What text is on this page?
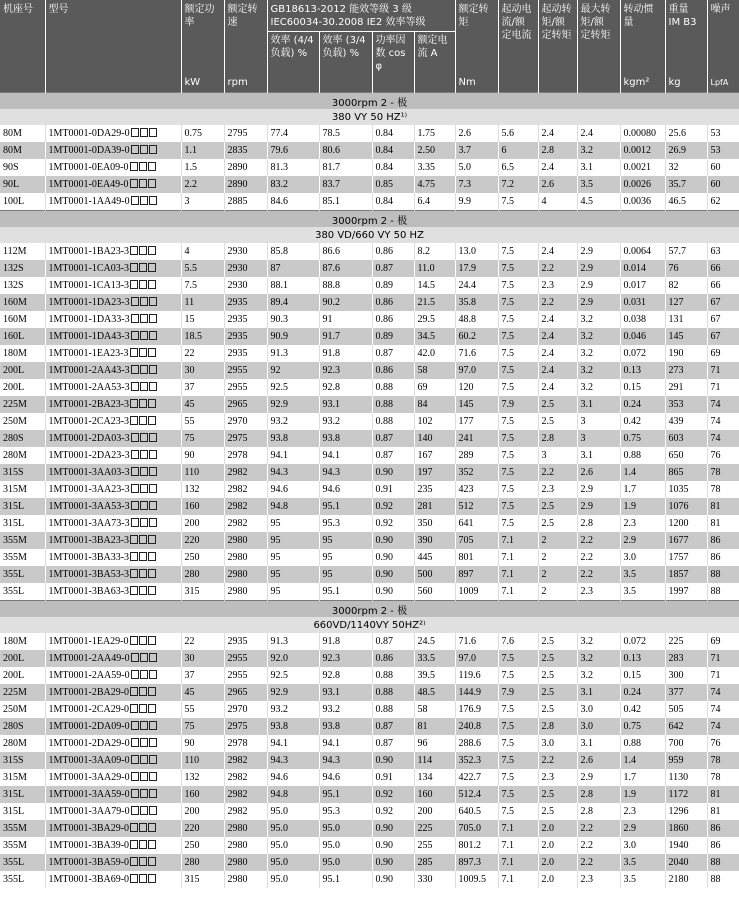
机座号	型号	额定功率	额定转速	GB18613-2012 能效等级 3 级
IEC60034-30.2008 IE2 效率等级				额定转矩	起动电流/额定电流	起动转矩/额定转矩	最大转矩/额定转矩	转动惯量	重量 IM B3	噪声

				效率 (4/4 负载) %	效率 (3/4 负载) %	功率因数 cos φ	额定电流 A							

		kW	rpm					Nm				kgm²	kg	LpfA
3000rpm 2 - 极														
380 VY 50 HZ¹⁾														
80M	1MT0001-0DA29-0	0.75	2795	77.4	78.5	0.84	1.75	2.6	5.6	2.4	2.4	0.00080	25.6	53
80M	1MT0001-0DA39-0	1.1	2835	79.6	80.6	0.84	2.50	3.7	6	2.8	3.2	0.0012	26.9	53
90S	1MT0001-0EA09-0	1.5	2890	81.3	81.7	0.84	3.35	5.0	6.5	2.4	3.1	0.0021	32	60
90L	1MT0001-0EA49-0	2.2	2890	83.2	83.7	0.85	4.75	7.3	7.2	2.6	3.5	0.0026	35.7	60
100L	1MT0001-1AA49-0	3	2885	84.6	85.1	0.84	6.4	9.9	7.5	4	4.5	0.0036	46.5	62
3000rpm 2 - 极														
380 VD/660 VY 50 HZ														
112M	1MT0001-1BA23-3	4	2930	85.8	86.6	0.86	8.2	13.0	7.5	2.4	2.9	0.0064	57.7	63
132S	1MT0001-1CA03-3	5.5	2930	87	87.6	0.87	11.0	17.9	7.5	2.2	2.9	0.014	76	66
132S	1MT0001-1CA13-3	7.5	2930	88.1	88.8	0.89	14.5	24.4	7.5	2.3	2.9	0.017	82	66
160M	1MT0001-1DA23-3	11	2935	89.4	90.2	0.86	21.5	35.8	7.5	2.2	2.9	0.031	127	67
160M	1MT0001-1DA33-3	15	2935	90.3	91	0.86	29.5	48.8	7.5	2.4	3.2	0.038	131	67
160L	1MT0001-1DA43-3	18.5	2935	90.9	91.7	0.89	34.5	60.2	7.5	2.4	3.2	0.046	145	67
180M	1MT0001-1EA23-3	22	2935	91.3	91.8	0.87	42.0	71.6	7.5	2.4	3.2	0.072	190	69
200L	1MT0001-2AA43-3	30	2955	92	92.3	0.86	58	97.0	7.5	2.4	3.2	0.13	273	71
200L	1MT0001-2AA53-3	37	2955	92.5	92.8	0.88	69	120	7.5	2.4	3.2	0.15	291	71
225M	1MT0001-2BA23-3	45	2965	92.9	93.1	0.88	84	145	7.9	2.5	3.1	0.24	353	74
250M	1MT0001-2CA23-3	55	2970	93.2	93.2	0.88	102	177	7.5	2.5	3	0.42	439	74
280S	1MT0001-2DA03-3	75	2975	93.8	93.8	0.87	140	241	7.5	2.8	3	0.75	603	74
280M	1MT0001-2DA23-3	90	2978	94.1	94.1	0.87	167	289	7.5	3	3.1	0.88	650	76
315S	1MT0001-3AA03-3	110	2982	94.3	94.3	0.90	197	352	7.5	2.2	2.6	1.4	865	78
315M	1MT0001-3AA23-3	132	2982	94.6	94.6	0.91	235	423	7.5	2.3	2.9	1.7	1035	78
315L	1MT0001-3AA53-3	160	2982	94.8	95.1	0.92	281	512	7.5	2.5	2.9	1.9	1076	81
315L	1MT0001-3AA73-3	200	2982	95	95.3	0.92	350	641	7.5	2.5	2.8	2.3	1200	81
355M	1MT0001-3BA23-3	220	2980	95	95	0.90	390	705	7.1	2	2.2	2.9	1677	86
355M	1MT0001-3BA33-3	250	2980	95	95	0.90	445	801	7.1	2	2.2	3.0	1757	86
355L	1MT0001-3BA53-3	280	2980	95	95	0.90	500	897	7.1	2	2.2	3.5	1857	88
355L	1MT0001-3BA63-3	315	2980	95	95.1	0.90	560	1009	7.1	2	2.3	3.5	1997	88
3000rpm 2 - 极														
660VD/1140VY 50HZ²⁾														
180M	1MT0001-1EA29-0	22	2935	91.3	91.8	0.87	24.5	71.6	7.6	2.5	3.2	0.072	225	69
200L	1MT0001-2AA49-0	30	2955	92.0	92.3	0.86	33.5	97.0	7.5	2.5	3.2	0.13	283	71
200L	1MT0001-2AA59-0	37	2955	92.5	92.8	0.88	39.5	119.6	7.5	2.5	3.2	0.15	300	71
225M	1MT0001-2BA29-0	45	2965	92.9	93.1	0.88	48.5	144.9	7.9	2.5	3.1	0.24	377	74
250M	1MT0001-2CA29-0	55	2970	93.2	93.2	0.88	58	176.9	7.5	2.5	3.0	0.42	505	74
280S	1MT0001-2DA09-0	75	2975	93.8	93.8	0.87	81	240.8	7.5	2.8	3.0	0.75	642	74
280M	1MT0001-2DA29-0	90	2978	94.1	94.1	0.87	96	288.6	7.5	3.0	3.1	0.88	700	76
315S	1MT0001-3AA09-0	110	2982	94.3	94.3	0.90	114	352.3	7.5	2.2	2.6	1.4	959	78
315M	1MT0001-3AA29-0	132	2982	94.6	94.6	0.91	134	422.7	7.5	2.3	2.9	1.7	1130	78
315L	1MT0001-3AA59-0	160	2982	94.8	95.1	0.92	160	512.4	7.5	2.5	2.8	1.9	1172	81
315L	1MT0001-3AA79-0	200	2982	95.0	95.3	0.92	200	640.5	7.5	2.5	2.8	2.3	1296	81
355M	1MT0001-3BA29-0	220	2980	95.0	95.0	0.90	225	705.0	7.1	2.0	2.2	2.9	1860	86
355M	1MT0001-3BA39-0	250	2980	95.0	95.0	0.90	255	801.2	7.1	2.0	2.2	3.0	1940	86
355L	1MT0001-3BA59-0	280	2980	95.0	95.0	0.90	285	897.3	7.1	2.0	2.2	3.5	2040	88
355L	1MT0001-3BA69-0	315	2980	95.0	95.1	0.90	330	1009.5	7.1	2.0	2.3	3.5	2180	88
